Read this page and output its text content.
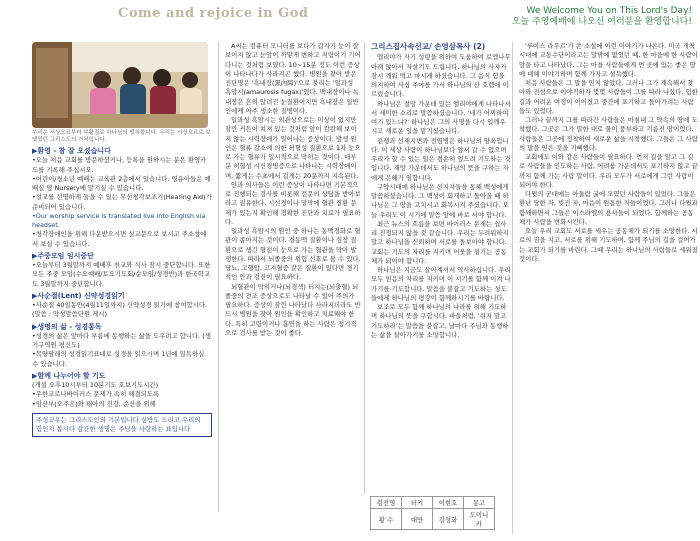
Come and rejoice in God	We Welcome You on This Lord's Day!
오늘 주영예배에 나오신 여러분을 환영합니다!
우리는 서상오르부터 부활절로 하나님의 떨쳐합니다. 우리는 서상오르로 보냈었던 그리스도의 거처입니다.
▶환영 - 참 잘 오셨습니다
•오늘 처음 교회를 방문하셨거나, 등록을 원하시는 분은 환영카드를 기록해 주십시오.
•어린이/청소년 예배는 교육관 2층에서 있습니다. 영유아들은 예배실 옆 Nursery에 맡기실 수 있습니다.
•설교를 선명하게 들을 수 있는 무선청각보조기(Hearing Aid)가 준비되어 있습니다.
•Our worship service is translated live into English via headset.
•청각장애인을 위해 다운받으시면 설교문으로 보시고 주소창에서 보실 수 있습니다.
▶주중모임 임시중단
•오늘부터 3월말까지 예배후 친교와 식사 잠시 중단합니다. 또한 모든 주중 모임(수요예배/토요기도회/순모임/성경반)과 한국학교도 3월말까지 중단합니다.
▶사순절(Lent) 신약성경읽기
•사순절 40일동안(4월11일까지) 신약성경 읽기에 참여합시다. (말씀 : 약성말씀단원 게시)
▶생명의 삶 - 성경통독
•성경의 삶은 앞마다 부름에 동행하는 삶을 도우려고 합니다. (생기구역원 평신도)
•목양팔레의 성경읽기표대로 성경을 읽으시며 1년에 일독하실 수 있습니다.
▶함께 나누어야 할 기도
(개설 오후10시부터 10분기도 호보기도시간)
•우한코로나바이러스 문제가 속히 해결되도록
•임산부(오주은)와 태아의 건강, 순산을 위해
주성교우는 그리스도인의 기본입니다 심방도 드리고 우리의 힘인지 봅시다 감간한 생명은 주님을 사랑하는 표입니다

A씨는 컴퓨터 모니터를 보다가 갑자기 눈이 잘 보이지 않고 눈앞이 까맣게 변하고 저림이기 기어 다니는 것처럼 보였다. 10~15분 정도 이런 증상이 나타나다가 사라지곤 했다. 병원을 찾아 받은 진단명은 '흑내장(黑內障)'으로 불리는 '일과성 흑암시(amaurosis fugax)'였다. 백내장이나 녹내장은 흔히 알려진 눈질환이지만 흑내장은 일반인에게 아주 생소한 질병이다.

일과성 흑암시는 외관상으로는 이상이 없지만 잠깐 커튼이 쳐져 있는 것처럼 앞이 캄캄해 보이지 않는 시력장애가 일어나는 증상이다. 발생 원인은 혈류 감소에 의한 허혈성 질환으로 1차 눈으로 가는 혈류가 일시적으로 막히는 것이다. 대부분 허혈성 시신경병증으로 나타나는 시력장애이며, 짧게는 수초에서 길게는 20분까지 지속된다.

안과 의사들은 이런 증상이 나타나면 기본적으로 진행되는 검사를 비롯해 전문의 상담을 받아보라고 권유한다. 시신경이나 망막에 혈관 질환 문제가 있는지 확인해 정확한 진단과 치료가 필요하다.

일과성 흑암시의 원인 중 하나는 동맥경화로 혈관이 좁아지는 것이다. 경동맥 질환이나 심장 질환으로 생긴 혈전이 눈으로 가는 혈관을 막아 발생한다. 따라서 뇌졸중의 위험 신호로 볼 수 있다. 당뇨, 고혈압, 고지혈증 같은 질환이 있다면 정기적인 안과 검진이 필요하다.

뇌혈관이 막히거나(뇌경색) 터지는(뇌출혈) 뇌졸중의 전조 증상으로도 나타날 수 있어 주의가 필요하다. 증상이 잠깐 나타났다 사라지더라도 반드시 병원을 찾아 원인을 확인하고 치료해야 한다. 특히 고령이거나 흡연을 하는 사람은 정기적으로 검사를 받는 것이 좋다.

그리스집사속선교/ 손영삼목사 (2)

엘리야가 자기 성령을 위하여 도움하여 로엠나무 아래 앉아서 자살기도 드립니다. 하나님의 사자가 잠시 깨워 먹고 마시게 하셨습니다. 그 음식 힘을 의지하여 사십 주야를 가서 하나님의 산 호렙에 이르렀습니다.

하나님은 절망 가운데 있는 엘리야에게 나타나셔서 세미한 소리로 말씀하셨습니다. '네가 어찌하여 여기 있느냐?' 하나님은 그의 사명을 다시 일깨우시고 새로운 일을 맡기셨습니다.

전쟁과 선재지변과 전염병은 하나님의 양육입니다. 이 세상 사람이 하나님보다 앞서 갈 수 없으며 우리가 할 수 있는 일은 겸손히 엎드려 기도하는 것입니다. 재앙 가운데서도 하나님의 뜻을 구하는 자에게 은혜가 임합니다.

구약시대에 하나님은 선지자들을 통해 백성에게 말씀하셨습니다. 그 백성이 회개하고 돌아올 때 하나님은 그 땅을 고치시고 회복시켜 주셨습니다. 오늘 우리도 이 시기에 말씀 앞에 바로 서야 합니다.

최근 뉴스의 흐름을 보면 바이러스 문제는 쉽사리 진정되지 않을 것 같습니다. 우리는 두려워하지 말고 하나님을 신뢰하며 서로를 돌보아야 합니다. 교회는 기도의 자리를 지키며 이웃을 섬기는 공동체가 되어야 합니다.

하나님은 지금도 살아계셔서 역사하십니다. 우리 모두 믿음의 자리를 지키며 이 시기를 함께 이겨 나가기를 기도합니다. 말씀을 붙잡고 기도하는 성도들에게 하나님의 평강이 함께하시기를 바랍니다.

보조로 모두 함께 하나님의 나라를 위해 기도하며 하나님의 뜻을 구합시다. 바울처럼, '쉬지 말고 기도하라'는 말씀을 붙잡고, 날마다 주님과 동행하는 삶을 살아가기를 소망합니다.

김진영	터키	이현호	몽고
황 수	대만	김성화	도미니카

'루이스 라무르'가 쓴 소설에 이런 이야기가 나온다. 미국 개척시대에 교통수단이라고는 말밖에 없었던 때, 한 마을에 한 사람이 말을 타고 나타났다. 그는 마을 사람들에게 먼 곳에 있는 좋은 땅에 대해 이야기하며 함께 가자고 설득했다.

처음 사람들은 그 말을 믿지 않았다. 그러나 그가 계속해서 찾아와 진심으로 이야기하자 몇몇 사람들이 그를 따라 나섰다. 험한 길과 어려운 여정이 이어졌고 중간에 포기하고 돌아가려는 사람들도 있었다.

그러나 끝까지 그를 따라간 사람들은 마침내 그 약속의 땅에 도착했다. 그곳은 그가 말한 대로 물이 풍부하고 기름진 땅이었다. 사람들은 그곳에 정착하여 새로운 삶을 시작했다. 그들은 그 사람의 말을 믿은 것을 기뻐했다.

교회에도 이와 같은 사람들이 필요하다. 먼저 길을 알고 그 길로 사람들을 인도하는 사람, 어려움 가운데서도 포기하지 않고 끝까지 함께 가는 사람 말이다. 우리 모두가 서로에게 그런 사람이 되어야 한다.

다윗의 군대에는 아둘람 굴에 모였던 사람들이 있었다. 그들은 환난 당한 자, 빚진 자, 마음이 원통한 자들이었다. 그러나 다윗과 함께하면서 그들은 이스라엘의 용사들이 되었다. 함께하는 공동체가 사람을 변화시킨다.

오늘 우리 교회도 서로를 세우는 공동체가 되기를 소망한다. 서로의 짐을 지고, 서로를 위해 기도하며, 함께 주님의 길을 걸어가는 교회가 되기를 바란다. 그때 우리는 하나님의 사람들로 세워질 것이다.
